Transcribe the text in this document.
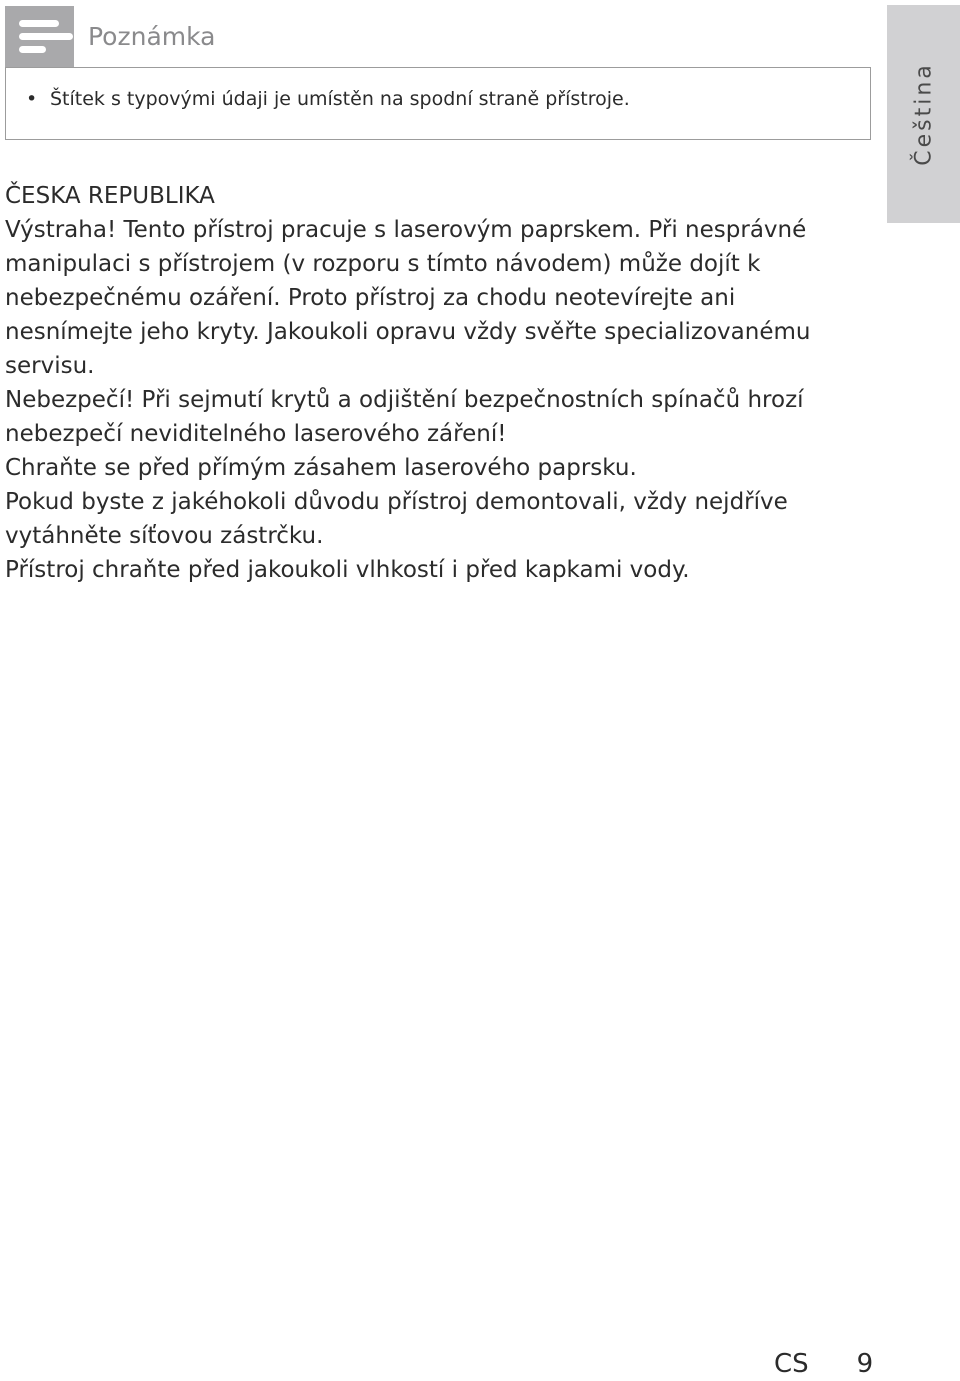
Poznámka
• Štítek s typovými údaji je umístěn na spodní straně přístroje.	Čeština

ČESKA REPUBLIKA

Výstraha! Tento přístroj pracuje s laserovým paprskem. Při nesprávné manipulaci s přístrojem (v rozporu s tímto návodem) může dojít k nebezpečnému ozáření. Proto přístroj za chodu neotevírejte ani nesnímejte jeho kryty. Jakoukoli opravu vždy svěřte specializovanému servisu.

Nebezpečí! Při sejmutí krytů a odjištění bezpečnostních spínačů hrozí nebezpečí neviditelného laserového záření!

Chraňte se před přímým zásahem laserového paprsku.

Pokud byste z jakéhokoli důvodu přístroj demontovali, vždy nejdříve vytáhněte síťovou zástrčku.

Přístroj chraňte před jakoukoli vlhkostí i před kapkami vody.

CS 9
